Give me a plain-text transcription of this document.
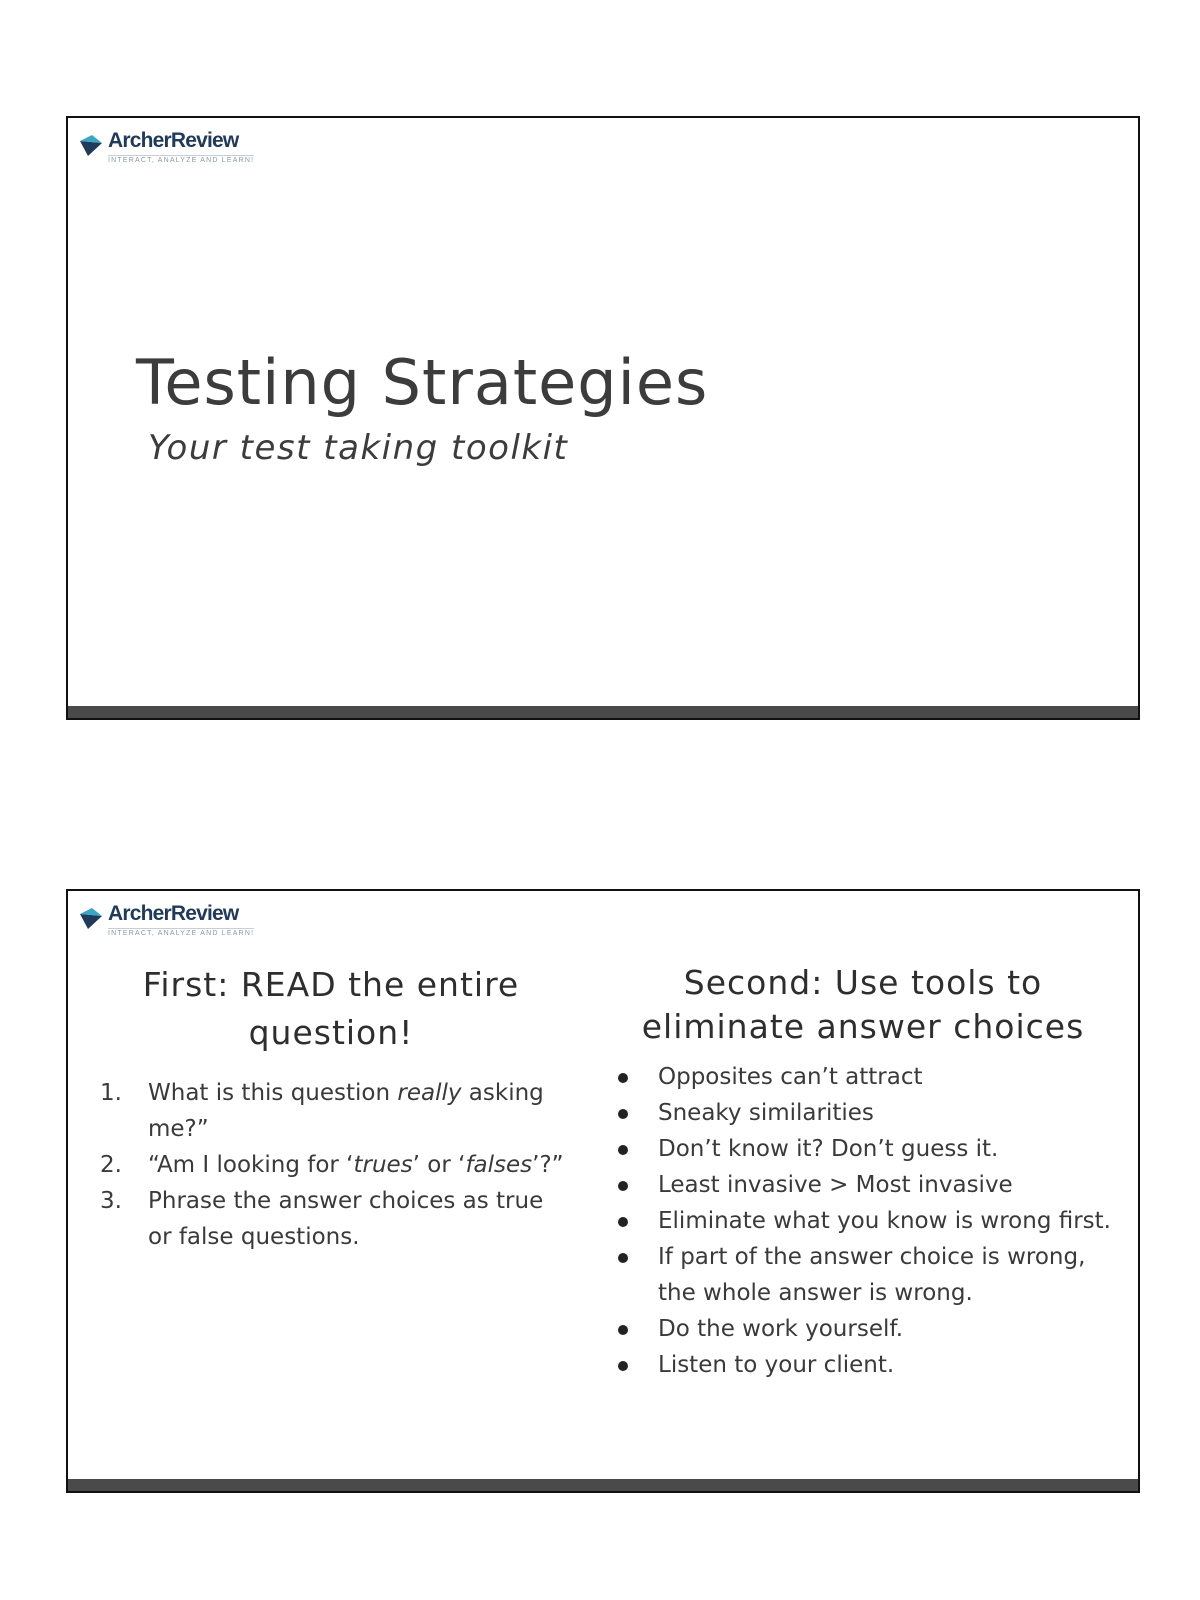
ArcherReview
INTERACT, ANALYZE AND LEARN!
Testing Strategies

Your test taking toolkit

ArcherReview
INTERACT, ANALYZE AND LEARN!
First: READ the entire question!
1. What is this question really asking me?”
2. “Am I looking for ‘trues’ or ‘falses’?”
3. Phrase the answer choices as true or false questions.
Second: Use tools to eliminate answer choices
Opposites can’t attract
Sneaky similarities
Don’t know it? Don’t guess it.
Least invasive > Most invasive
Eliminate what you know is wrong first.
If part of the answer choice is wrong, the whole answer is wrong.
Do the work yourself.
Listen to your client.
